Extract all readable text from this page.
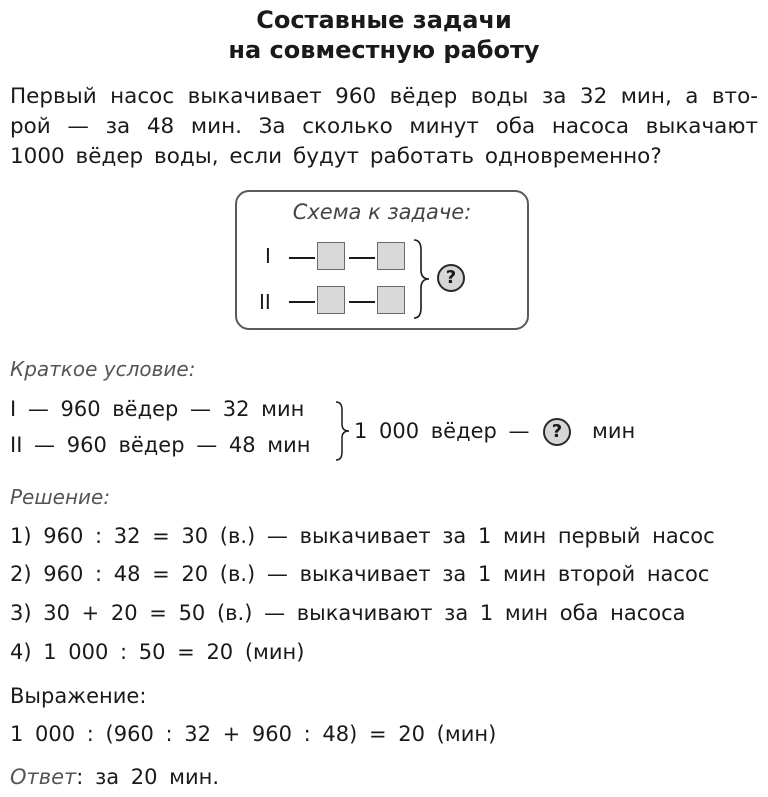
Составные задачи
на совместную работу
Первый насос выкачивает 960 вёдер воды за 32 мин, а вто-
рой — за 48 мин. За сколько минут оба насоса выкачают
1000 вёдер воды, если будут работать одновременно?
Схема к задаче:
I
II
?
Краткое условие:
I — 960 вёдер — 32 мин
II — 960 вёдер — 48 мин
1 000 вёдер —	?	мин
Решение:
1) 960 : 32 = 30 (в.) — выкачивает за 1 мин первый насос
2) 960 : 48 = 20 (в.) — выкачивает за 1 мин второй насос
3) 30 + 20 = 50 (в.) — выкачивают за 1 мин оба насоса
4) 1 000 : 50 = 20 (мин)
Выражение:
1 000 : (960 : 32 + 960 : 48) = 20 (мин)
Ответ: за 20 мин.
